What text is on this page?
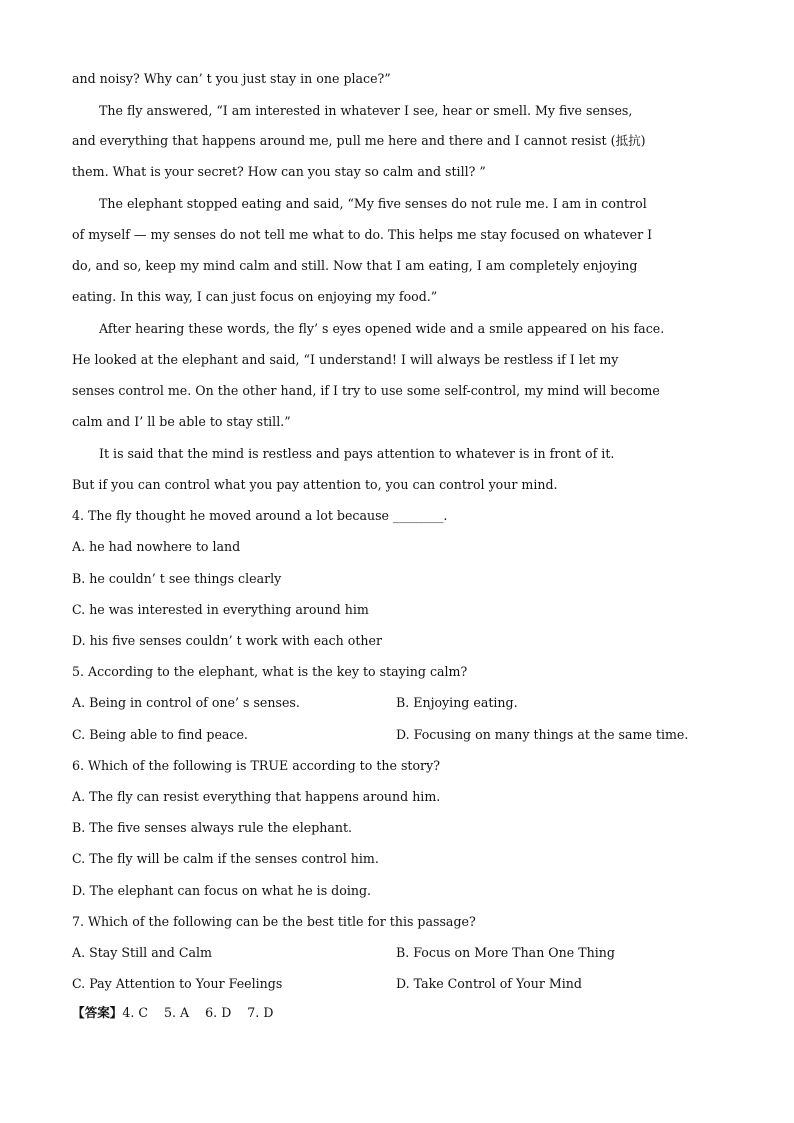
and noisy? Why can’ t you just stay in one place?”
The fly answered, “I am interested in whatever I see, hear or smell. My five senses,
and everything that happens around me, pull me here and there and I cannot resist (抵抗)
them. What is your secret? How can you stay so calm and still? ”
The elephant stopped eating and said, “My five senses do not rule me. I am in control
of myself — my senses do not tell me what to do. This helps me stay focused on whatever I
do, and so, keep my mind calm and still. Now that I am eating, I am completely enjoying
eating. In this way, I can just focus on enjoying my food.”
After hearing these words, the fly’ s eyes opened wide and a smile appeared on his face.
He looked at the elephant and said, “I understand! I will always be restless if I let my
senses control me. On the other hand, if I try to use some self-control, my mind will become
calm and I’ ll be able to stay still.”
It is said that the mind is restless and pays attention to whatever is in front of it.
But if you can control what you pay attention to, you can control your mind.
4. The fly thought he moved around a lot because ________.
A. he had nowhere to land
B. he couldn’ t see things clearly
C. he was interested in everything around him
D. his five senses couldn’ t work with each other
5. According to the elephant, what is the key to staying calm?
A. Being in control of one’ s senses.	B. Enjoying eating.
C. Being able to find peace.	D. Focusing on many things at the same time.
6. Which of the following is TRUE according to the story?
A. The fly can resist everything that happens around him.
B. The five senses always rule the elephant.
C. The fly will be calm if the senses control him.
D. The elephant can focus on what he is doing.
7. Which of the following can be the best title for this passage?
A. Stay Still and Calm	B. Focus on More Than One Thing
C. Pay Attention to Your Feelings	D. Take Control of Your Mind
【答案】4. C    5. A    6. D    7. D
